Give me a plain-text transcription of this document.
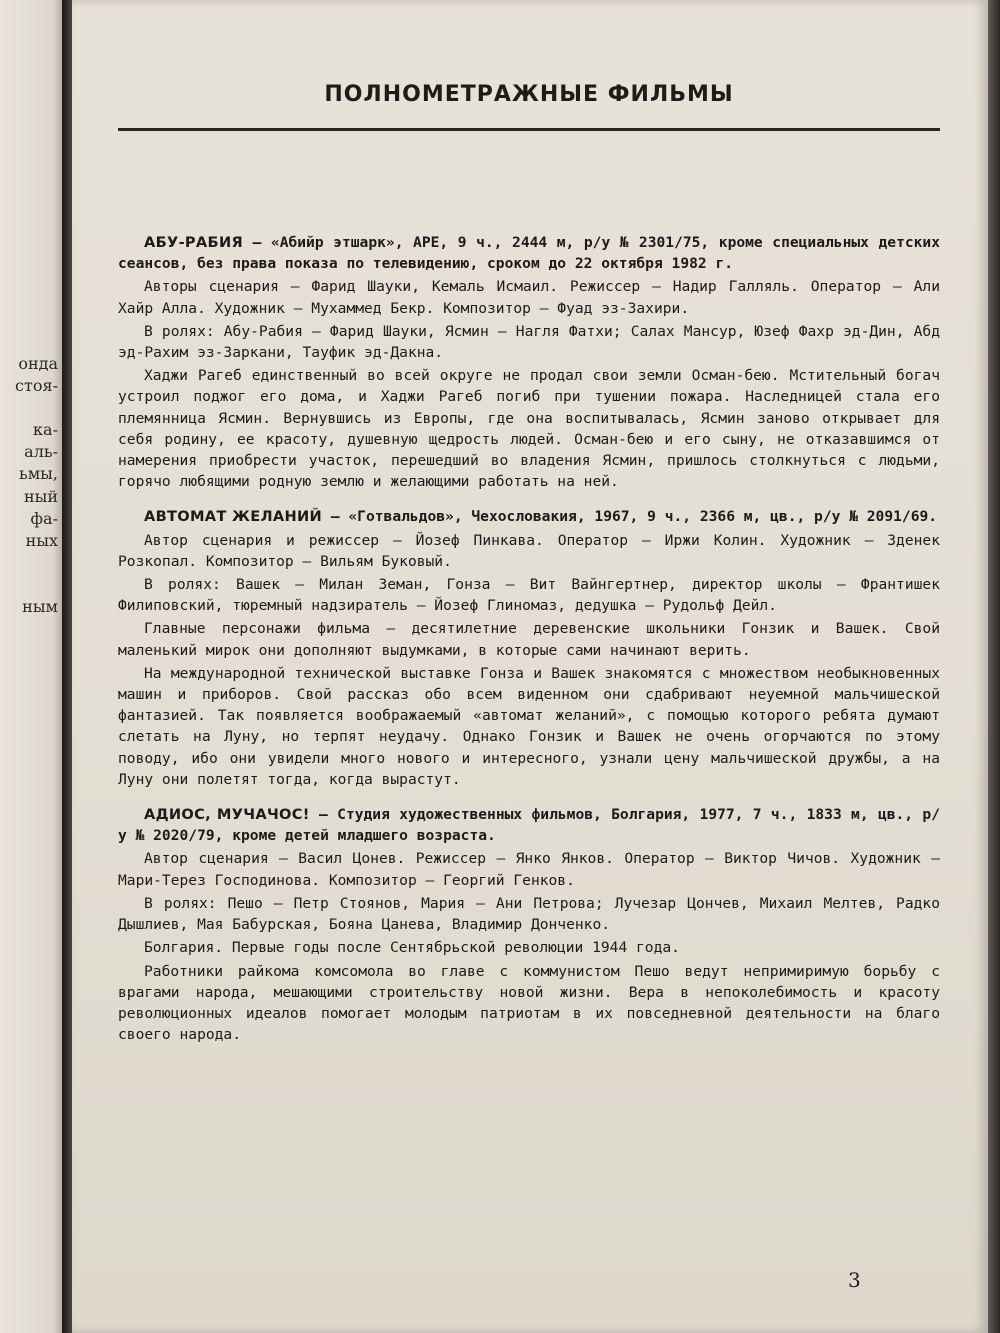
онда
стоя-
ка-
аль-
ьмы,
ный
фа-
ных
ным
ПОЛНОМЕТРАЖНЫЕ ФИЛЬМЫ

АБУ-РАБИЯ — «Абийр этшарк», АРЕ, 9 ч., 2444 м, р/у № 2301/75, кроме специальных детских сеансов, без права показа по телевидению, сроком до 22 октября 1982 г.

Авторы сценария — Фарид Шауки, Кемаль Исмаил. Режиссер — Надир Галляль. Оператор — Али Хайр Алла. Художник — Мухаммед Бекр. Композитор — Фуад эз-Захири.

В ролях: Абу-Рабия — Фарид Шауки, Ясмин — Нагля Фатхи; Салах Мансур, Юзеф Фахр эд-Дин, Абд эд-Рахим эз-Заркани, Тауфик эд-Дакна.

Хаджи Рагеб единственный во всей округе не продал свои земли Осман-бею. Мстительный богач устроил поджог его дома, и Хаджи Рагеб погиб при тушении пожара. Наследницей стала его племянница Ясмин. Вернувшись из Европы, где она воспитывалась, Ясмин заново открывает для себя родину, ее красоту, душевную щедрость людей. Осман-бею и его сыну, не отказавшимся от намерения приобрести участок, перешедший во владения Ясмин, пришлось столкнуться с людьми, горячо любящими родную землю и желающими работать на ней.

АВТОМАТ ЖЕЛАНИЙ — «Готвальдов», Чехословакия, 1967, 9 ч., 2366 м, цв., р/у № 2091/69.

Автор сценария и режиссер — Йозеф Пинкава. Оператор — Иржи Колин. Художник — Зденек Розкопал. Композитор — Вильям Буковый.

В ролях: Вашек — Милан Земан, Гонза — Вит Вайнгертнер, директор школы — Франтишек Филиповский, тюремный надзиратель — Йозеф Глиномаз, дедушка — Рудольф Дейл.

Главные персонажи фильма — десятилетние деревенские школьники Гонзик и Вашек. Свой маленький мирок они дополняют выдумками, в которые сами начинают верить.

На международной технической выставке Гонза и Вашек знакомятся с множеством необыкновенных машин и приборов. Свой рассказ обо всем виденном они сдабривают неуемной мальчишеской фантазией. Так появляется воображаемый «автомат желаний», с помощью которого ребята думают слетать на Луну, но терпят неудачу. Однако Гонзик и Вашек не очень огорчаются по этому поводу, ибо они увидели много нового и интересного, узнали цену мальчишеской дружбы, а на Луну они полетят тогда, когда вырастут.

АДИОС, МУЧАЧОС! — Студия художественных фильмов, Болгария, 1977, 7 ч., 1833 м, цв., р/у № 2020/79, кроме детей младшего возраста.

Автор сценария — Васил Цонев. Режиссер — Янко Янков. Оператор — Виктор Чичов. Художник — Мари-Терез Господинова. Композитор — Георгий Генков.

В ролях: Пешо — Петр Стоянов, Мария — Ани Петрова; Лучезар Цончев, Михаил Мелтев, Радко Дышлиев, Мая Бабурская, Бояна Цанева, Владимир Донченко.

Болгария. Первые годы после Сентябрьской революции 1944 года.

Работники райкома комсомола во главе с коммунистом Пешо ведут непримиримую борьбу с врагами народа, мешающими строительству новой жизни. Вера в непоколебимость и красоту революционных идеалов помогает молодым патриотам в их повседневной деятельности на благо своего народа.

3
